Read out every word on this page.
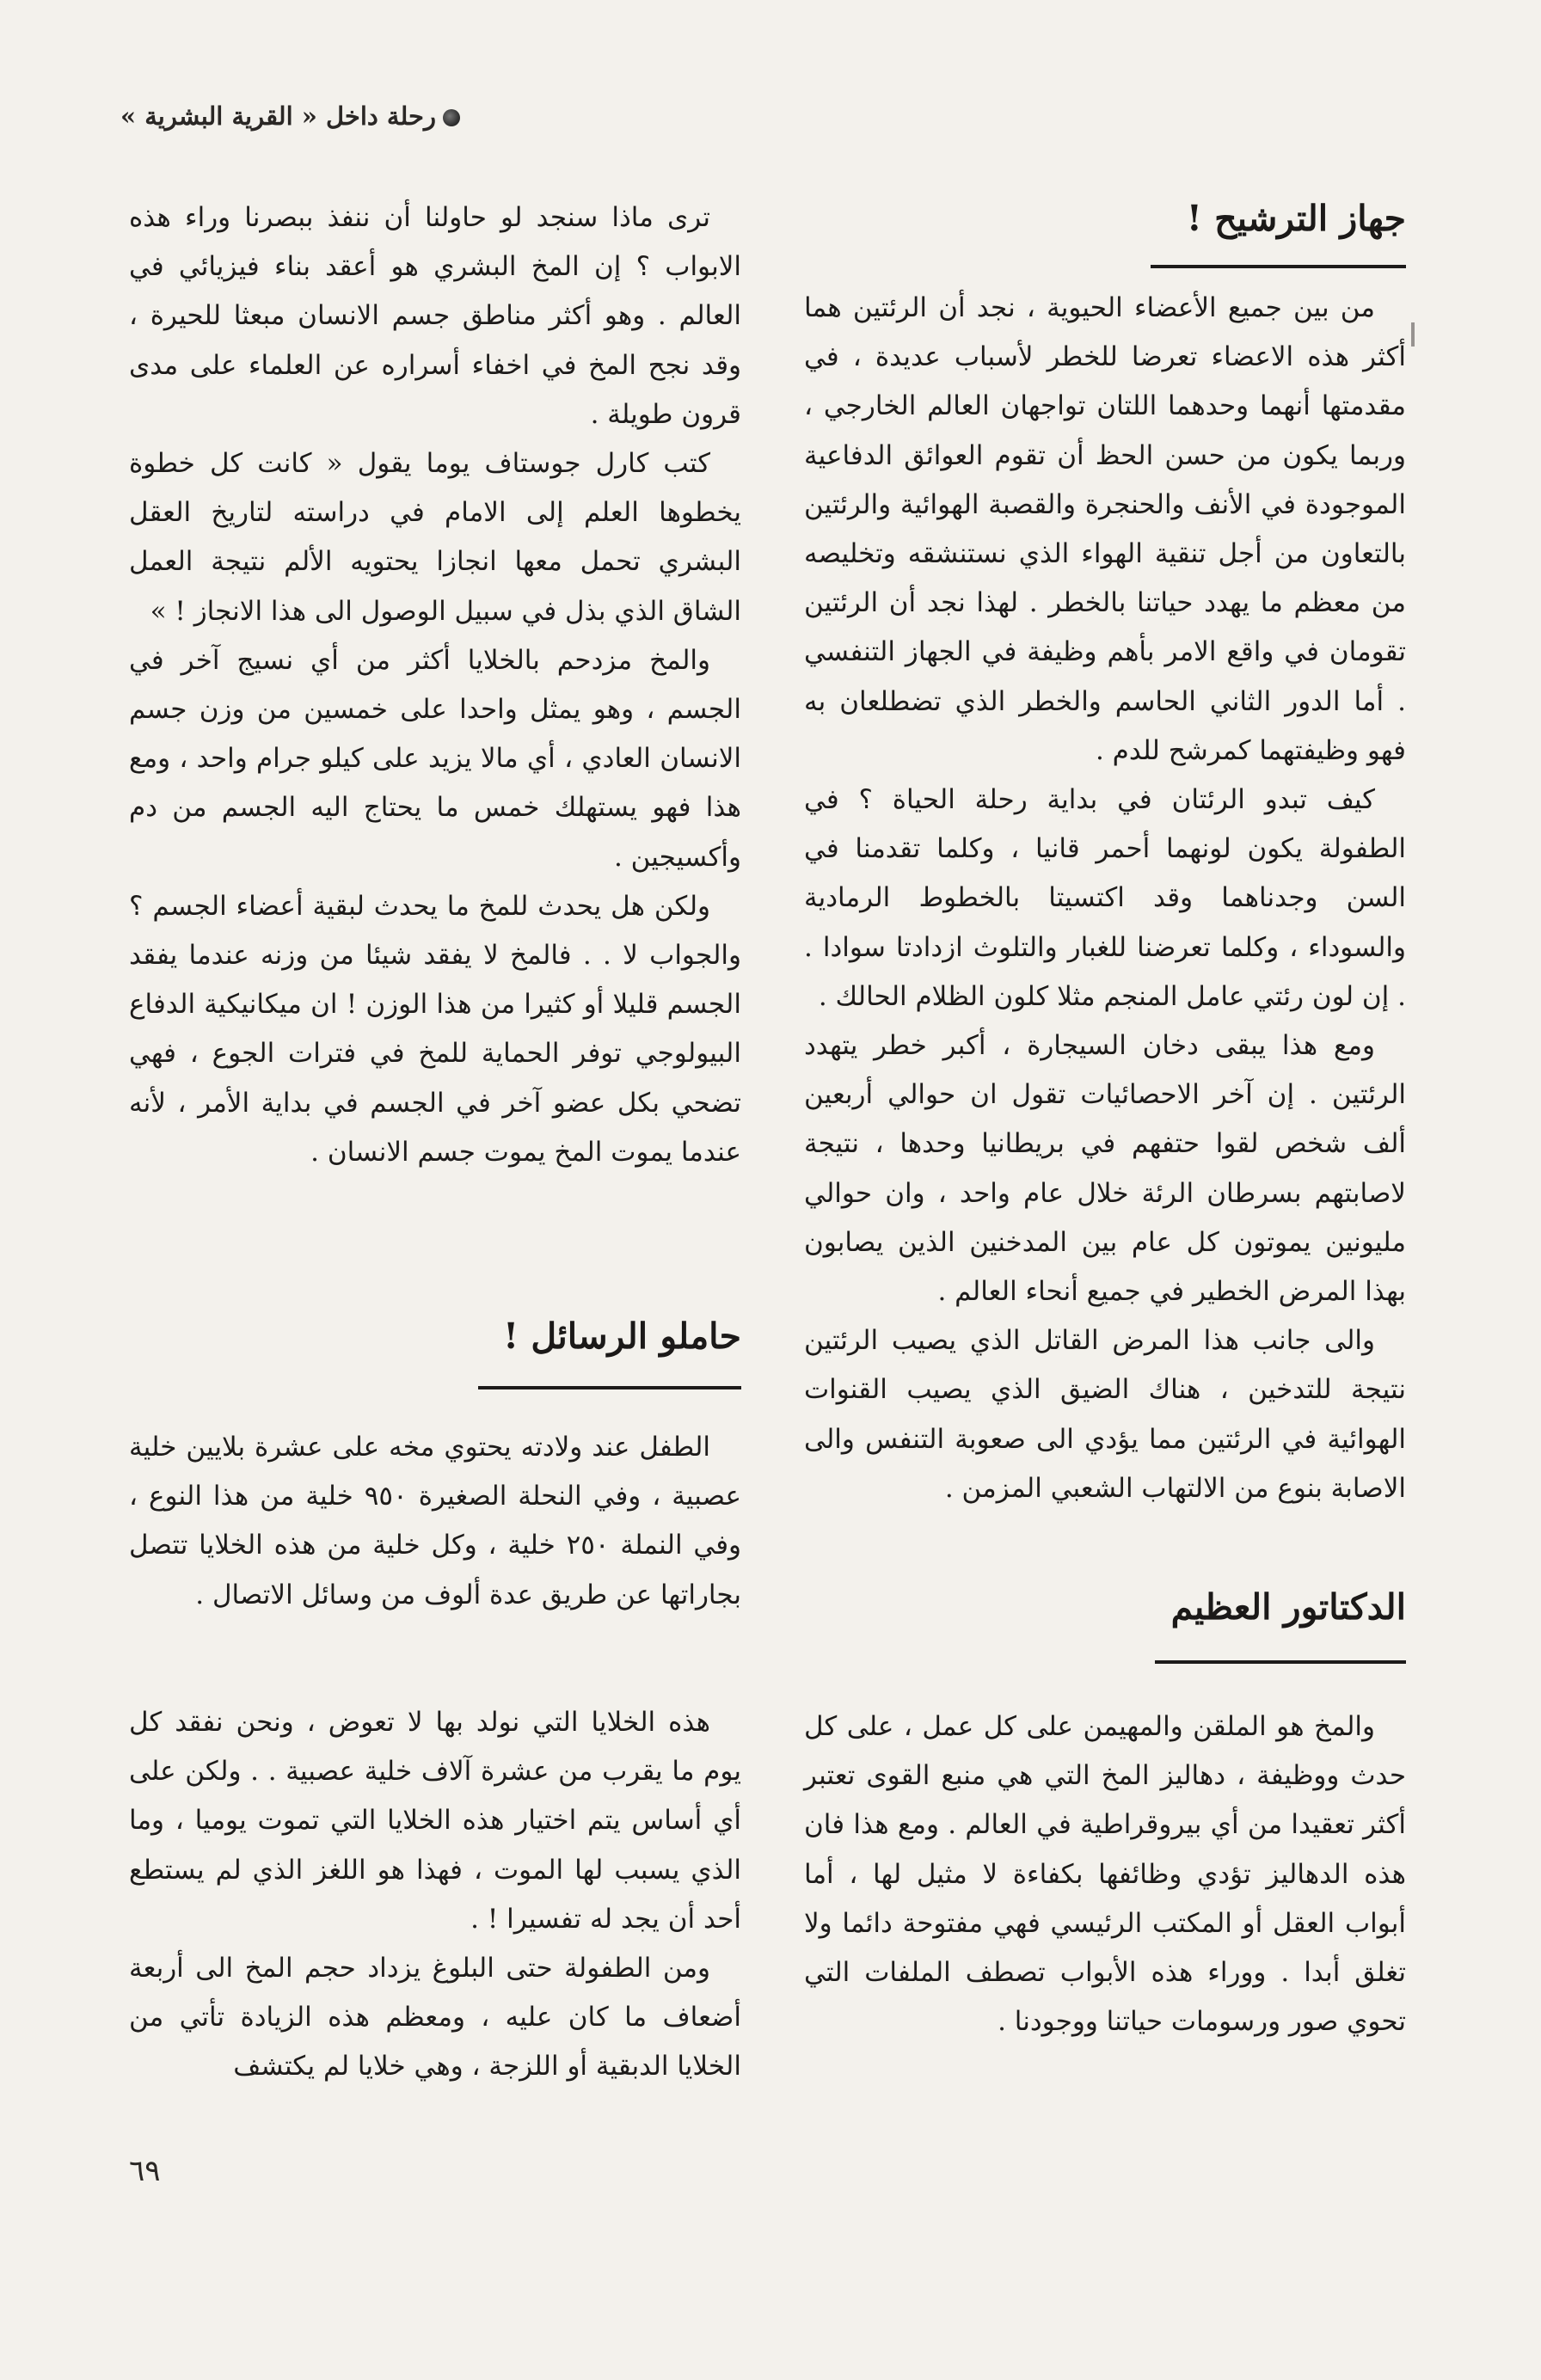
رحلة داخل « القرية البشرية »
جهاز الترشيح !

من بين جميع الأعضاء الحيوية ، نجد أن الرئتين هما أكثر هذه الاعضاء تعرضا للخطر لأسباب عديدة ، في مقدمتها أنهما وحدهما اللتان تواجهان العالم الخارجي ، وربما يكون من حسن الحظ أن تقوم العوائق الدفاعية الموجودة في الأنف والحنجرة والقصبة الهوائية والرئتين بالتعاون من أجل تنقية الهواء الذي نستنشقه وتخليصه من معظم ما يهدد حياتنا بالخطر . لهذا نجد أن الرئتين تقومان في واقع الامر بأهم وظيفة في الجهاز التنفسي . أما الدور الثاني الحاسم والخطر الذي تضطلعان به فهو وظيفتهما كمرشح للدم .

كيف تبدو الرئتان في بداية رحلة الحياة ؟ في الطفولة يكون لونهما أحمر قانيا ، وكلما تقدمنا في السن وجدناهما وقد اكتسيتا بالخطوط الرمادية والسوداء ، وكلما تعرضنا للغبار والتلوث ازدادتا سوادا . . إن لون رئتي عامل المنجم مثلا كلون الظلام الحالك .

ومع هذا يبقى دخان السيجارة ، أكبر خطر يتهدد الرئتين . إن آخر الاحصائيات تقول ان حوالي أربعين ألف شخص لقوا حتفهم في بريطانيا وحدها ، نتيجة لاصابتهم بسرطان الرئة خلال عام واحد ، وان حوالي مليونين يموتون كل عام بين المدخنين الذين يصابون بهذا المرض الخطير في جميع أنحاء العالم .

والى جانب هذا المرض القاتل الذي يصيب الرئتين نتيجة للتدخين ، هناك الضيق الذي يصيب القنوات الهوائية في الرئتين مما يؤدي الى صعوبة التنفس والى الاصابة بنوع من الالتهاب الشعبي المزمن .

الدكتاتور العظيم

والمخ هو الملقن والمهيمن على كل عمل ، على كل حدث ووظيفة ، دهاليز المخ التي هي منبع القوى تعتبر أكثر تعقيدا من أي بيروقراطية في العالم . ومع هذا فان هذه الدهاليز تؤدي وظائفها بكفاءة لا مثيل لها ، أما أبواب العقل أو المكتب الرئيسي فهي مفتوحة دائما ولا تغلق أبدا . ووراء هذه الأبواب تصطف الملفات التي تحوي صور ورسومات حياتنا ووجودنا .

ترى ماذا سنجد لو حاولنا أن ننفذ ببصرنا وراء هذه الابواب ؟ إن المخ البشري هو أعقد بناء فيزيائي في العالم . وهو أكثر مناطق جسم الانسان مبعثا للحيرة ، وقد نجح المخ في اخفاء أسراره عن العلماء على مدى قرون طويلة .

كتب كارل جوستاف يوما يقول « كانت كل خطوة يخطوها العلم إلى الامام في دراسته لتاريخ العقل البشري تحمل معها انجازا يحتويه الألم نتيجة العمل الشاق الذي بذل في سبيل الوصول الى هذا الانجاز ! »

والمخ مزدحم بالخلايا أكثر من أي نسيج آخر في الجسم ، وهو يمثل واحدا على خمسين من وزن جسم الانسان العادي ، أي مالا يزيد على كيلو جرام واحد ، ومع هذا فهو يستهلك خمس ما يحتاج اليه الجسم من دم وأكسيجين .

ولكن هل يحدث للمخ ما يحدث لبقية أعضاء الجسم ؟ والجواب لا . . فالمخ لا يفقد شيئا من وزنه عندما يفقد الجسم قليلا أو كثيرا من هذا الوزن ! ان ميكانيكية الدفاع البيولوجي توفر الحماية للمخ في فترات الجوع ، فهي تضحي بكل عضو آخر في الجسم في بداية الأمر ، لأنه عندما يموت المخ يموت جسم الانسان .

حاملو الرسائل !

الطفل عند ولادته يحتوي مخه على عشرة بلايين خلية عصبية ، وفي النحلة الصغيرة ٩٥٠ خلية من هذا النوع ، وفي النملة ٢٥٠ خلية ، وكل خلية من هذه الخلايا تتصل بجاراتها عن طريق عدة ألوف من وسائل الاتصال .

هذه الخلايا التي نولد بها لا تعوض ، ونحن نفقد كل يوم ما يقرب من عشرة آلاف خلية عصبية . . ولكن على أي أساس يتم اختيار هذه الخلايا التي تموت يوميا ، وما الذي يسبب لها الموت ، فهذا هو اللغز الذي لم يستطع أحد أن يجد له تفسيرا ! .

ومن الطفولة حتى البلوغ يزداد حجم المخ الى أربعة أضعاف ما كان عليه ، ومعظم هذه الزيادة تأتي من الخلايا الدبقية أو اللزجة ، وهي خلايا لم يكتشف

٦٩
